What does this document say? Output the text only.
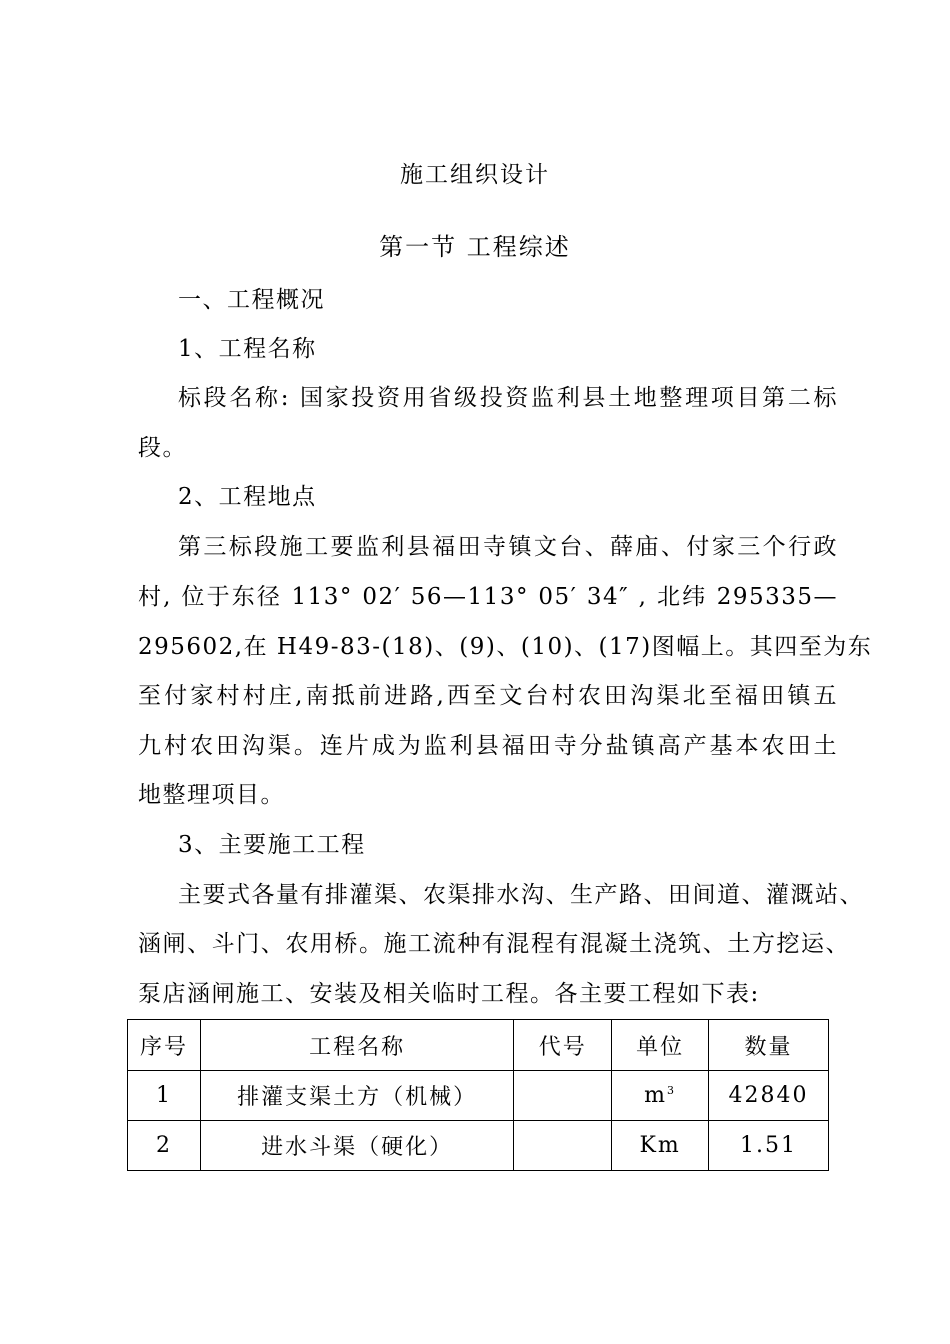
施工组织设计
第一节 工程综述
一、工程概况
1、工程名称
标段名称: 国家投资用省级投资监利县土地整理项目第二标
段。
2、工程地点
第三标段施工要监利县福田寺镇文台、薛庙、付家三个行政
村, 位于东径 113° 02′ 56—113° 05′ 34″ , 北纬 295335—
295602,在 H49-83-(18)、(9)、(10)、(17)图幅上。其四至为东
至付家村村庄,南抵前进路,西至文台村农田沟渠北至福田镇五
九村农田沟渠。连片成为监利县福田寺分盐镇高产基本农田土
地整理项目。
3、主要施工工程
主要式各量有排灌渠、农渠排水沟、生产路、田间道、灌溉站、
涵闸、斗门、农用桥。施工流种有混程有混凝土浇筑、土方挖运、
泵店涵闸施工、安装及相关临时工程。各主要工程如下表:
序号	工程名称	代号	单位	数量
1	排灌支渠土方（机械）		$m^3$	42840
2	进水斗渠（硬化）		Km	1.51
